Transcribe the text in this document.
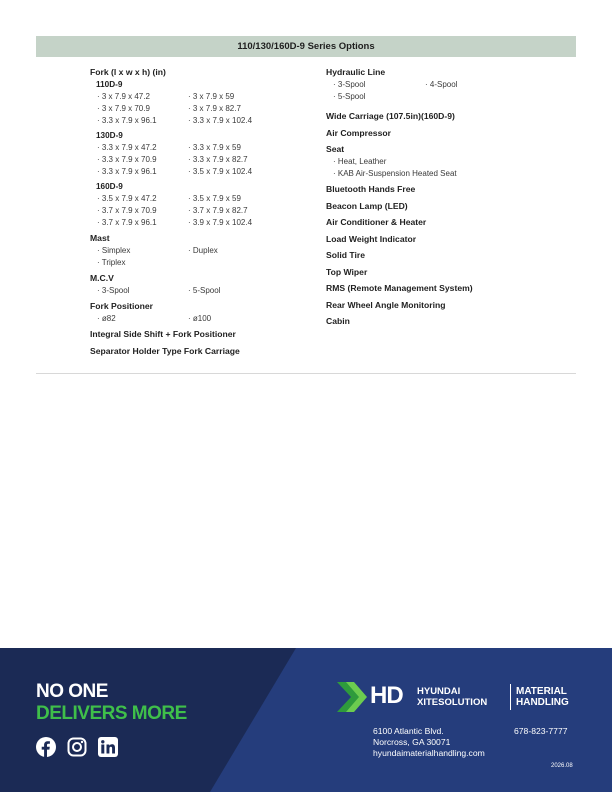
110/130/160D-9 Series Options
Fork (l x w x h) (in)
110D-9
· 3 x 7.9 x 47.2	· 3 x 7.9 x 59
· 3 x 7.9 x 70.9	· 3 x 7.9 x 82.7
· 3.3 x 7.9 x 96.1	· 3.3 x 7.9 x 102.4
130D-9
· 3.3 x 7.9 x 47.2	· 3.3 x 7.9 x 59
· 3.3 x 7.9 x 70.9	· 3.3 x 7.9 x 82.7
· 3.3 x 7.9 x 96.1	· 3.5 x 7.9 x 102.4
160D-9
· 3.5 x 7.9 x 47.2	· 3.5 x 7.9 x 59
· 3.7 x 7.9 x 70.9	· 3.7 x 7.9 x 82.7
· 3.7 x 7.9 x 96.1	· 3.9 x 7.9 x 102.4
Mast
· Simplex	· Duplex
· Triplex
M.C.V
· 3-Spool	· 5-Spool
Fork Positioner
· ø82	· ø100
Integral Side Shift + Fork Positioner
Separator Holder Type Fork Carriage
Hydraulic Line
· 3-Spool	· 4-Spool
· 5-Spool
Wide Carriage (107.5in)(160D-9)
Air Compressor
Seat
· Heat, Leather
· KAB Air-Suspension Heated Seat
Bluetooth Hands Free
Beacon Lamp (LED)
Air Conditioner & Heater
Load Weight Indicator
Solid Tire
Top Wiper
RMS (Remote Management System)
Rear Wheel Angle Monitoring
Cabin
NO ONE
DELIVERS MORE
HD HYUNDAI
XITESOLUTION
MATERIAL
HANDLING
6100 Atlantic Blvd.
Norcross, GA 30071
hyundaimaterialhandling.com
678-823-7777
2026.08
